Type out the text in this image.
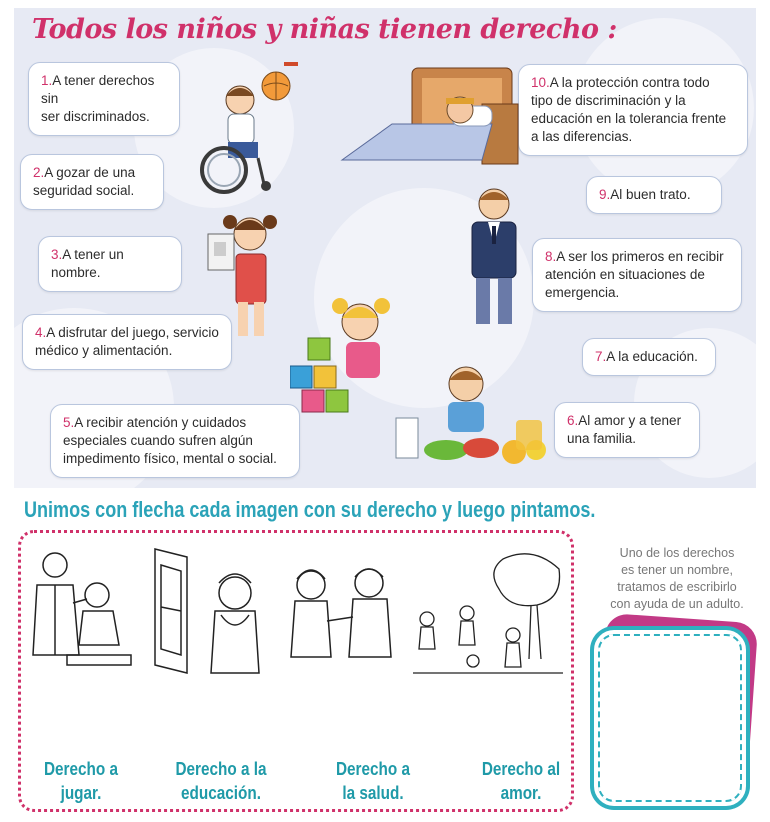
Todos los niños y niñas tienen derecho :
1.A tener derechos sin
ser discriminados.
2.A gozar de una
seguridad social.
3.A tener un nombre.
4.A disfrutar del juego, servicio
médico y alimentación.
5.A recibir atención y cuidados
especiales cuando sufren algún
impedimento físico, mental o social.
10.A la protección contra todo
tipo de discriminación y la
educación en la tolerancia frente
a las diferencias.
9.Al buen trato.
8.A ser los primeros en recibir
atención en situaciones de
emergencia.
7.A la educación.
6.Al amor y a tener
una familia.
Unimos con flecha cada imagen con su derecho y luego pintamos.
Derecho a
jugar.
Derecho a la
educación.
Derecho a
la salud.
Derecho al
amor.
Uno de los derechos
es tener un nombre,
tratamos de escribirlo
con ayuda de un adulto.
